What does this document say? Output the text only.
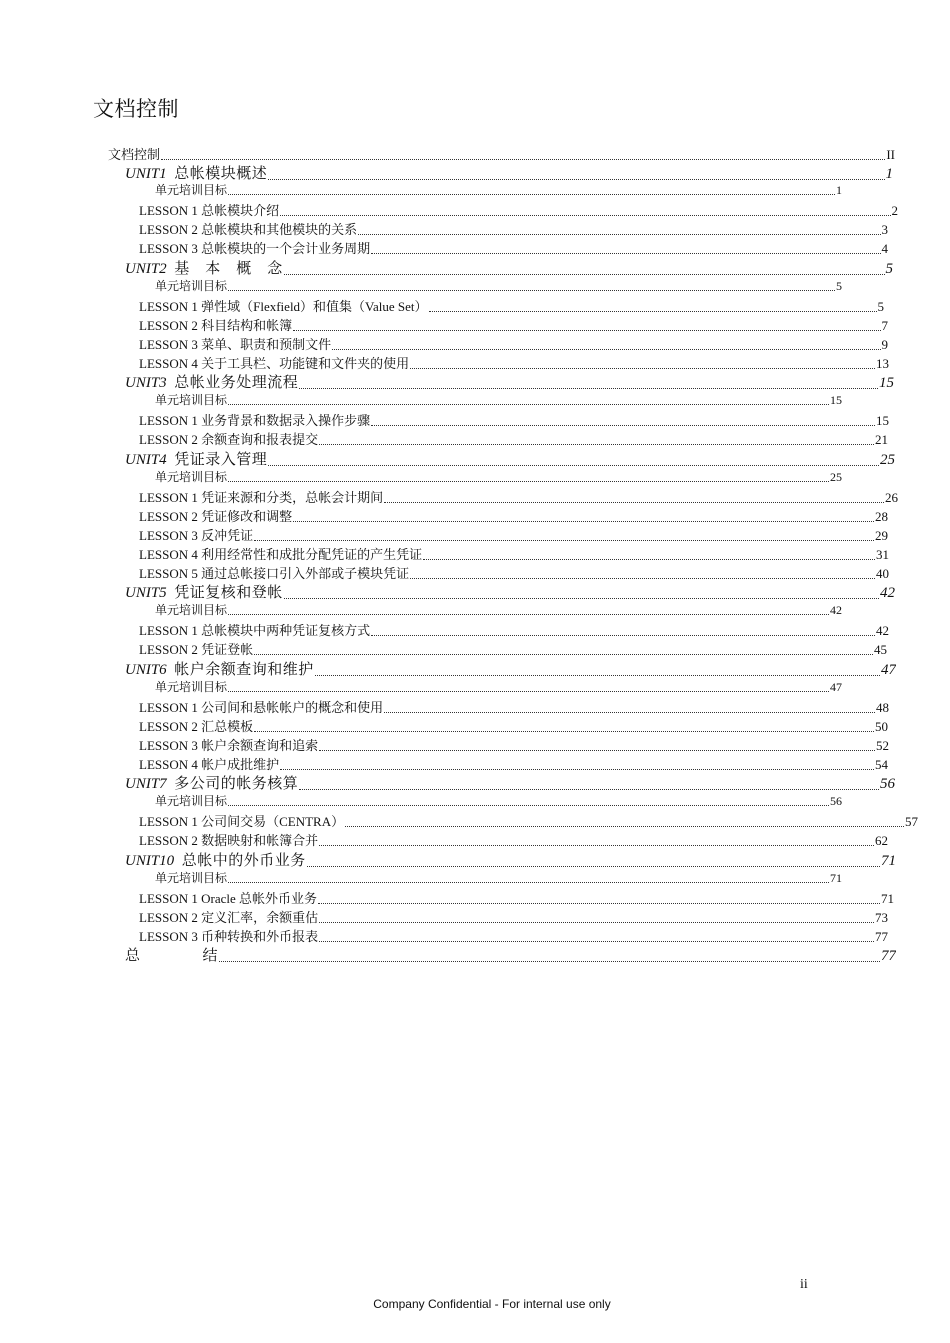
文档控制
文档控制	II
UNIT1 总帐模块概述	1
单元培训目标	1
LESSON 1 总帐模块介绍	2
LESSON 2 总帐模块和其他模块的关系	3
LESSON 3 总帐模块的一个会计业务周期	4
UNIT2 基　本　概　念	5
单元培训目标	5
LESSON 1 弹性域（Flexfield）和值集（Value Set）	5
LESSON 2 科目结构和帐簿	7
LESSON 3 菜单、职责和预制文件	9
LESSON 4 关于工具栏、功能键和文件夹的使用	13
UNIT3 总帐业务处理流程	15
单元培训目标	15
LESSON 1 业务背景和数据录入操作步骤	15
LESSON 2 余额查询和报表提交	21
UNIT4 凭证录入管理	25
单元培训目标	25
LESSON 1 凭证来源和分类，总帐会计期间	26
LESSON 2 凭证修改和调整	28
LESSON 3 反冲凭证	29
LESSON 4 利用经常性和成批分配凭证的产生凭证	31
LESSON 5 通过总帐接口引入外部或子模块凭证	40
UNIT5 凭证复核和登帐	42
单元培训目标	42
LESSON 1 总帐模块中两种凭证复核方式	42
LESSON 2 凭证登帐	45
UNIT6 帐户余额查询和维护	47
单元培训目标	47
LESSON 1 公司间和悬帐帐户的概念和使用	48
LESSON 2 汇总模板	50
LESSON 3 帐户余额查询和追索	52
LESSON 4 帐户成批维护	54
UNIT7 多公司的帐务核算	56
单元培训目标	56
LESSON 1 公司间交易（CENTRA）	57
LESSON 2 数据映射和帐簿合并	62
UNIT10 总帐中的外币业务	71
单元培训目标	71
LESSON 1 Oracle 总帐外币业务	71
LESSON 2 定义汇率，余额重估	73
LESSON 3 币种转换和外币报表	77
总　　　　结	77
ii
Company Confidential - For internal use only
